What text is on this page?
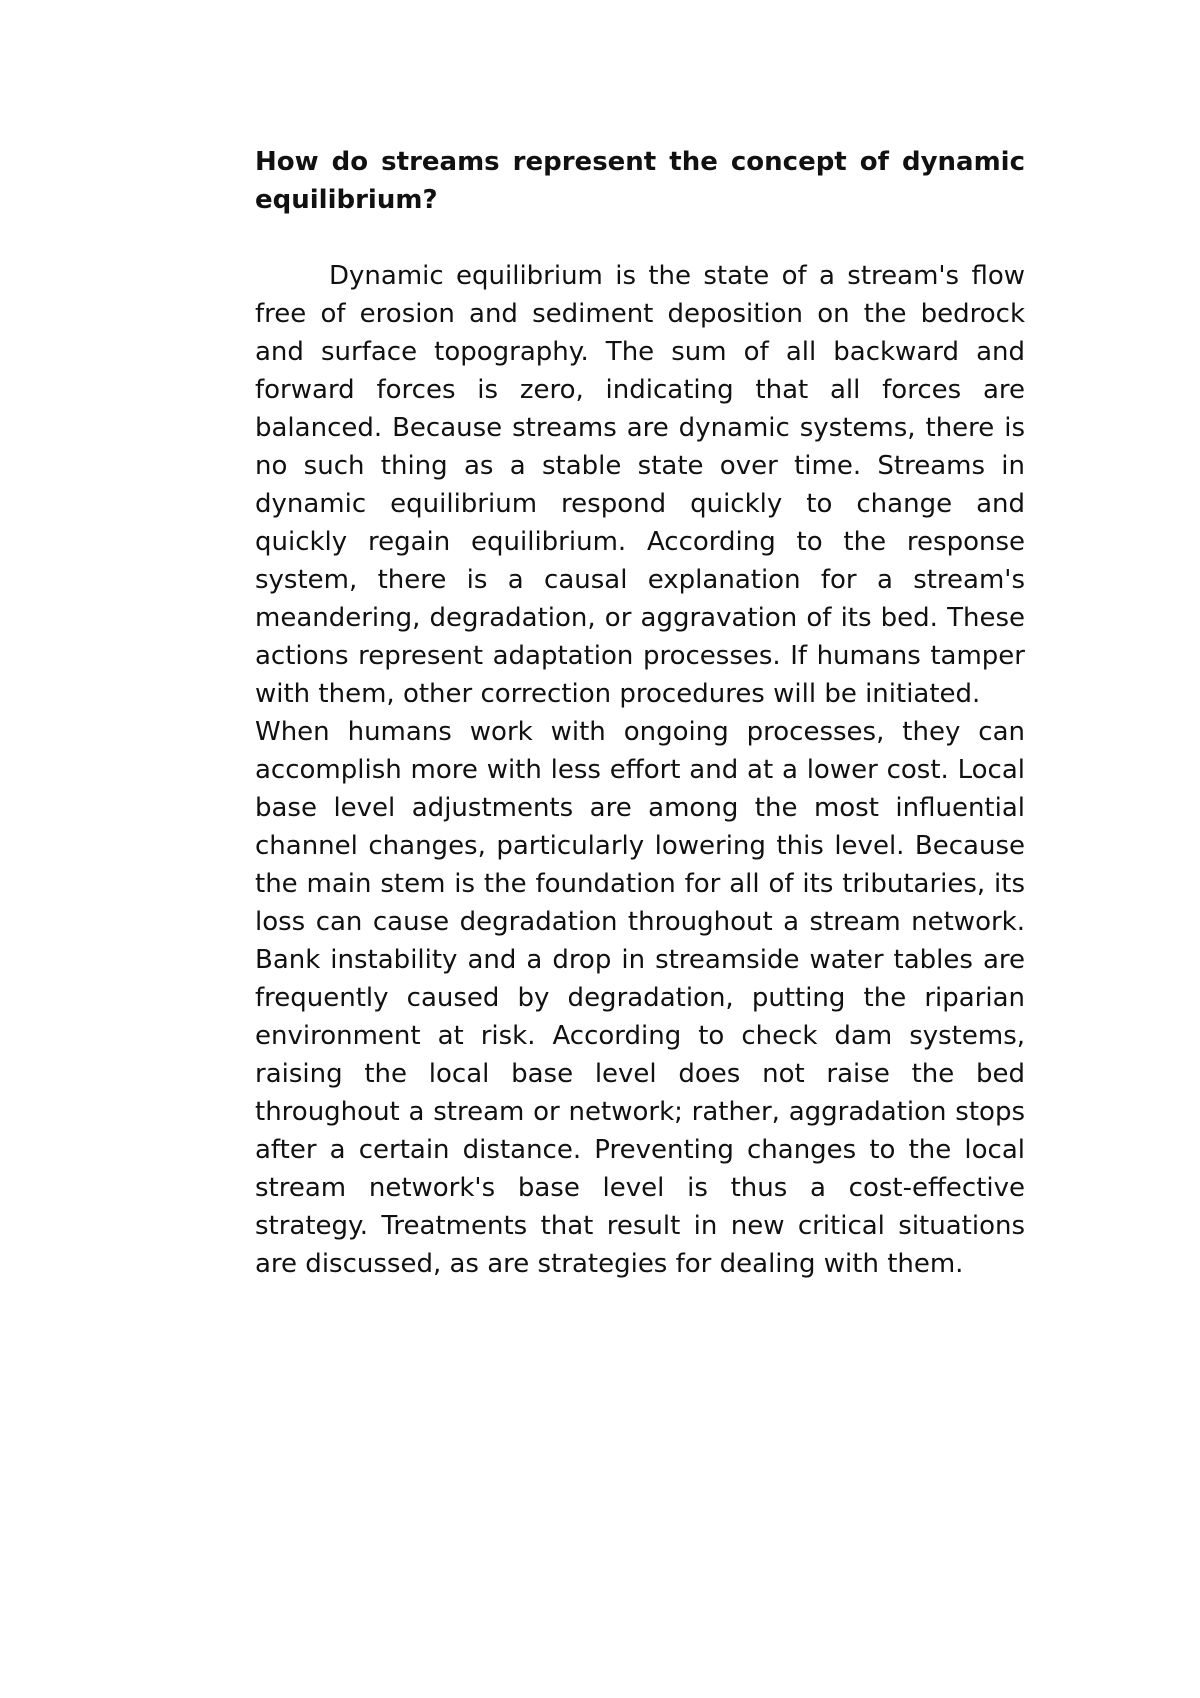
How do streams represent the concept of dynamic equilibrium?

Dynamic equilibrium is the state of a stream's flow free of erosion and sediment deposition on the bedrock and surface topography. The sum of all backward and forward forces is zero, indicating that all forces are balanced. Because streams are dynamic systems, there is no such thing as a stable state over time. Streams in dynamic equilibrium respond quickly to change and quickly regain equilibrium. According to the response system, there is a causal explanation for a stream's meandering, degradation, or aggravation of its bed. These actions represent adaptation processes. If humans tamper with them, other correction procedures will be initiated.

When humans work with ongoing processes, they can accomplish more with less effort and at a lower cost. Local base level adjustments are among the most influential channel changes, particularly lowering this level. Because the main stem is the foundation for all of its tributaries, its loss can cause degradation throughout a stream network. Bank instability and a drop in streamside water tables are frequently caused by degradation, putting the riparian environment at risk. According to check dam systems, raising the local base level does not raise the bed throughout a stream or network; rather, aggradation stops after a certain distance. Preventing changes to the local stream network's base level is thus a cost-effective strategy. Treatments that result in new critical situations are discussed, as are strategies for dealing with them.
